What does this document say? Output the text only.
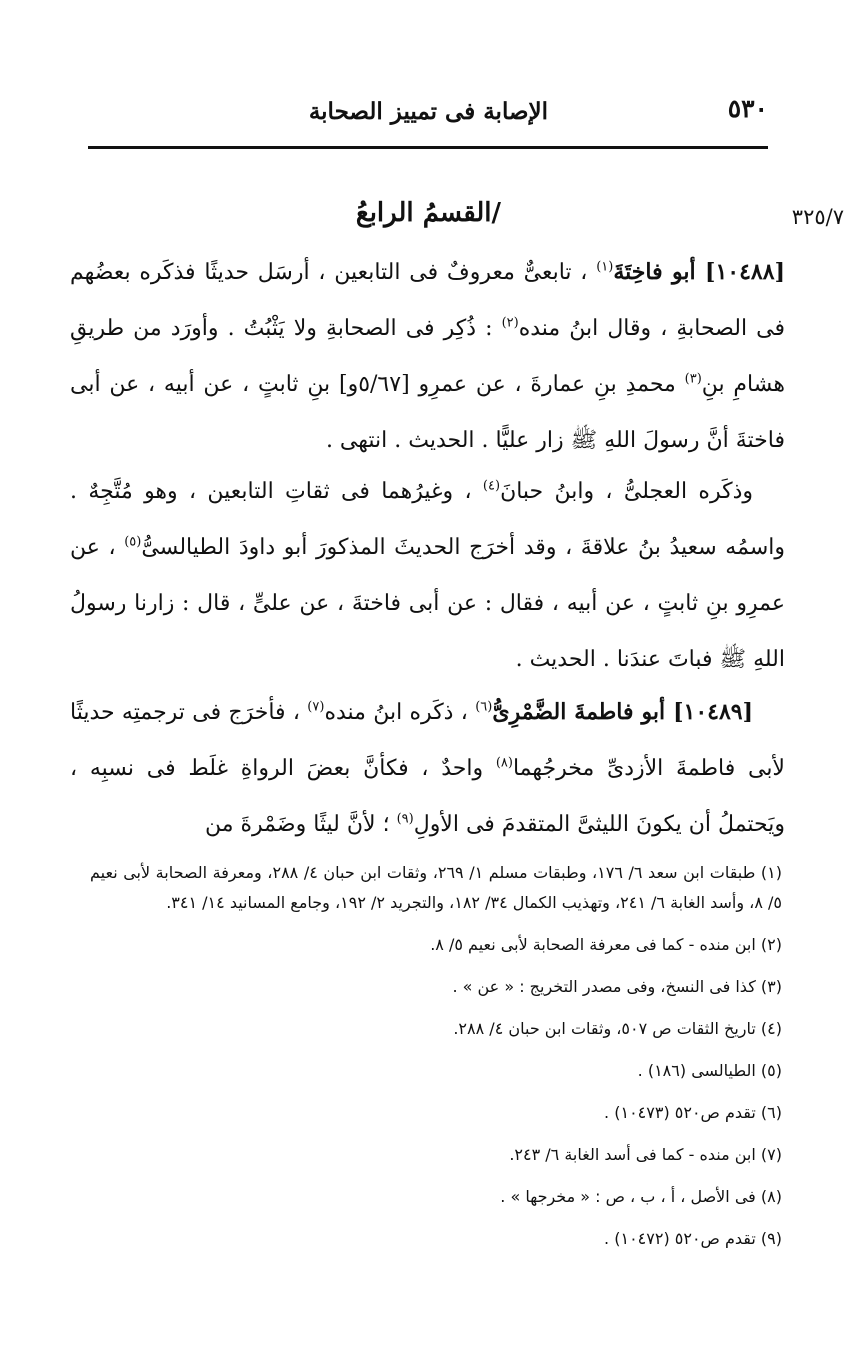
٥٣٠
الإصابة فى تمييز الصحابة
٣٢٥/٧
/القسمُ الرابعُ

[١٠٤٨٨] أبو فاخِتَةَ$^{(١)}$ ، تابعىٌّ معروفٌ فى التابعين ، أرسَل حديثًا فذكَره بعضُهم فى الصحابةِ ، وقال ابنُ منده$^{(٢)}$ : ذُكِر فى الصحابةِ ولا يَثْبُتُ . وأورَد من طريقِ هشامِ بنِ$^{(٣)}$ محمدِ بنِ عمارةَ ، عن عمرِو [٥/٦٧و] بنِ ثابتٍ ، عن أبيه ، عن أبى فاختةَ أنَّ رسولَ اللهِ ﷺ زار عليًّا . الحديث . انتهى .

وذكَره العجلىُّ ، وابنُ حبانَ$^{(٤)}$ ، وغيرُهما فى ثقاتِ التابعين ، وهو مُتَّجِهٌ . واسمُه سعيدُ بنُ علاقةَ ، وقد أخرَج الحديثَ المذكورَ أبو داودَ الطيالسىُّ$^{(٥)}$ ، عن عمرِو بنِ ثابتٍ ، عن أبيه ، فقال : عن أبى فاختةَ ، عن علىٍّ ، قال : زارنا رسولُ اللهِ ﷺ فباتَ عندَنا . الحديث .

[١٠٤٨٩] أبو فاطمةَ الضَّمْرِىُّ$^{(٦)}$ ، ذكَره ابنُ منده$^{(٧)}$ ، فأخرَج فى ترجمتِه حديثًا لأبى فاطمةَ الأزدىِّ مخرجُهما$^{(٨)}$ واحدٌ ، فكأنَّ بعضَ الرواةِ غلَط فى نسبِه ، ويَحتملُ أن يكونَ الليثىَّ المتقدمَ فى الأولِ$^{(٩)}$ ؛ لأنَّ ليثًا وضَمْرةَ من

(١) طبقات ابن سعد ٦/ ١٧٦، وطبقات مسلم ١/ ٢٦٩، وثقات ابن حبان ٤/ ٢٨٨، ومعرفة الصحابة لأبى نعيم ٥/ ٨، وأسد الغابة ٦/ ٢٤١، وتهذيب الكمال ٣٤/ ١٨٢، والتجريد ٢/ ١٩٢، وجامع المسانيد ١٤/ ٣٤١.

(٢) ابن منده - كما فى معرفة الصحابة لأبى نعيم ٥/ ٨.

(٣) كذا فى النسخ، وفى مصدر التخريج : « عن » .

(٤) تاريخ الثقات ص ٥٠٧، وثقات ابن حبان ٤/ ٢٨٨.

(٥) الطيالسى (١٨٦) .

(٦) تقدم ص٥٢٠ (١٠٤٧٣) .

(٧) ابن منده - كما فى أسد الغابة ٦/ ٢٤٣.

(٨) فى الأصل ، أ ، ب ، ص : « مخرجها » .

(٩) تقدم ص٥٢٠ (١٠٤٧٢) .
